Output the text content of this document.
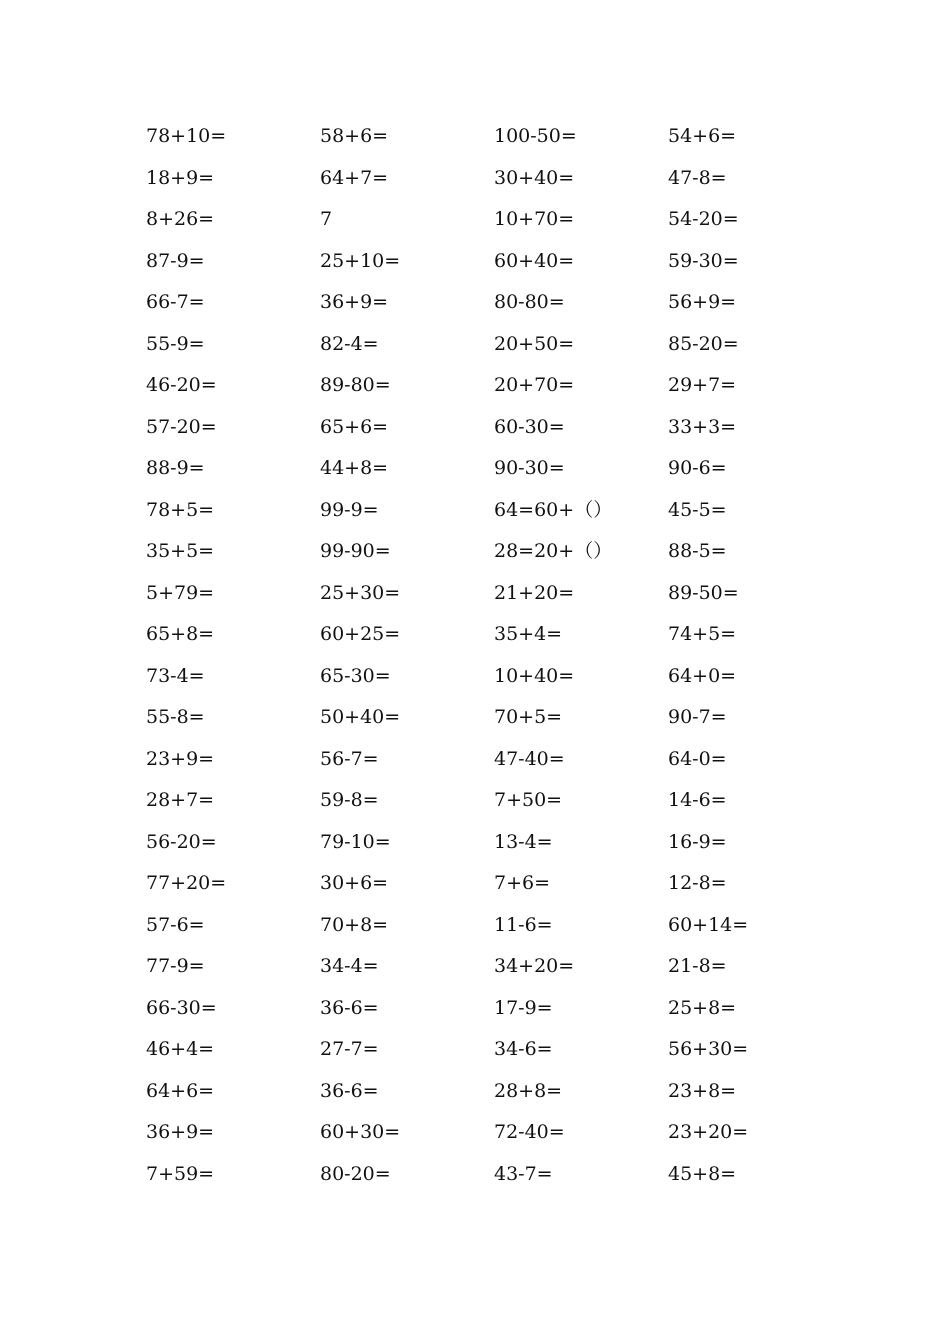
78+10=	58+6=	100-50=	54+6=
18+9=	64+7=	30+40=	47-8=
8+26=	7	10+70=	54-20=
87-9=	25+10=	60+40=	59-30=
66-7=	36+9=	80-80=	56+9=
55-9=	82-4=	20+50=	85-20=
46-20=	89-80=	20+70=	29+7=
57-20=	65+6=	60-30=	33+3=
88-9=	44+8=	90-30=	90-6=
78+5=	99-9=	64=60+（）	45-5=
35+5=	99-90=	28=20+（）	88-5=
5+79=	25+30=	21+20=	89-50=
65+8=	60+25=	35+4=	74+5=
73-4=	65-30=	10+40=	64+0=
55-8=	50+40=	70+5=	90-7=
23+9=	56-7=	47-40=	64-0=
28+7=	59-8=	7+50=	14-6=
56-20=	79-10=	13-4=	16-9=
77+20=	30+6=	7+6=	12-8=
57-6=	70+8=	11-6=	60+14=
77-9=	34-4=	34+20=	21-8=
66-30=	36-6=	17-9=	25+8=
46+4=	27-7=	34-6=	56+30=
64+6=	36-6=	28+8=	23+8=
36+9=	60+30=	72-40=	23+20=
7+59=	80-20=	43-7=	45+8=
